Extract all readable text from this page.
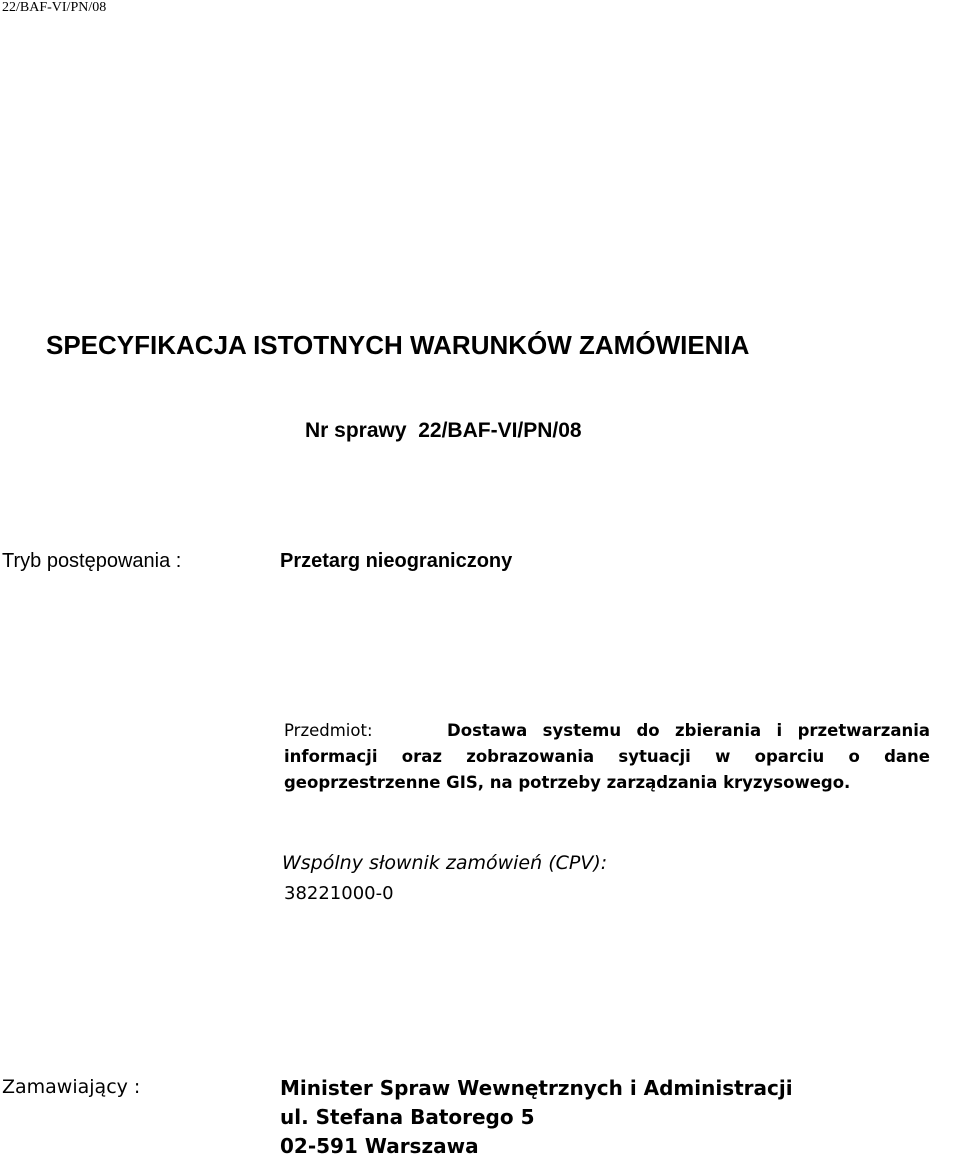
22/BAF-VI/PN/08
SPECYFIKACJA ISTOTNYCH WARUNKÓW ZAMÓWIENIA
Nr sprawy 22/BAF-VI/PN/08
Tryb postępowania :	Przetarg nieograniczony
Przedmiot:	Dostawa systemu do zbierania i przetwarzania informacji oraz zobrazowania sytuacji w oparciu o dane geoprzestrzenne GIS, na potrzeby zarządzania kryzysowego.
Wspólny słownik zamówień (CPV):
38221000-0
Zamawiający :	Minister Spraw Wewnętrznych i Administracji
ul. Stefana Batorego 5
02-591 Warszawa
